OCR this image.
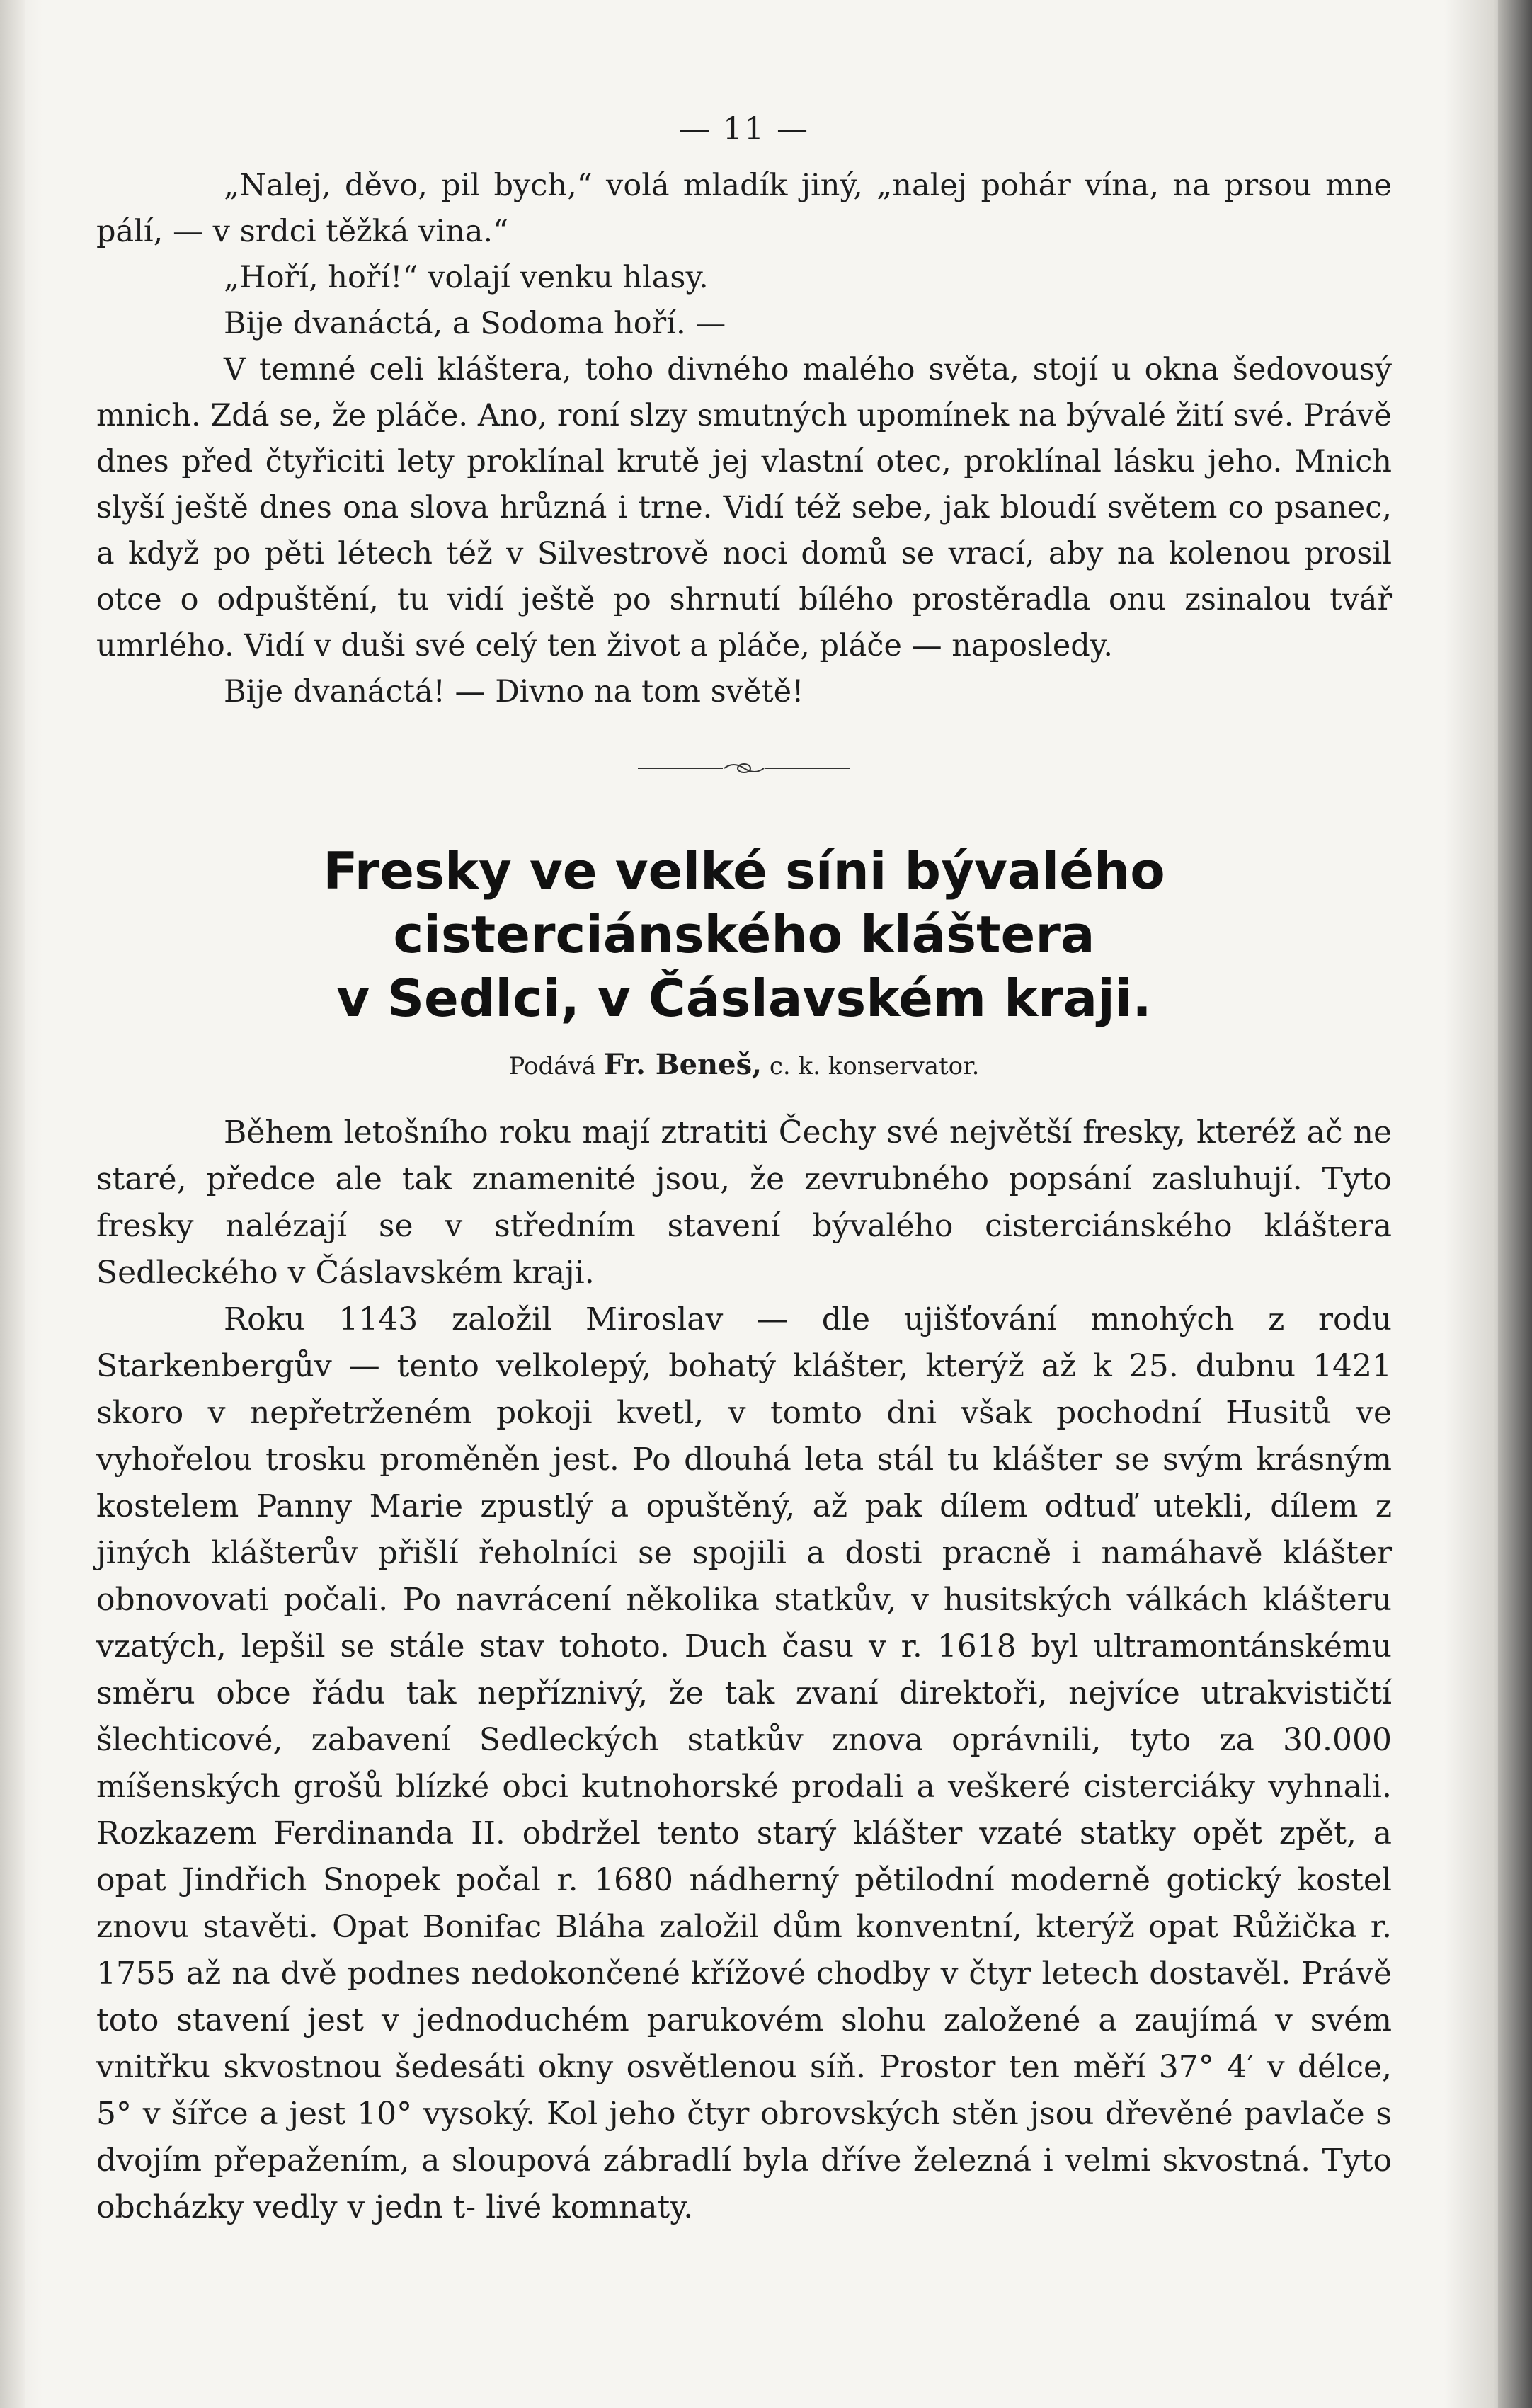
— 11 —

„Nalej, děvo, pil bych,“ volá mladík jiný, „nalej pohár vína, na prsou mne pálí, — v srdci těžká vina.“

„Hoří, hoří!“ volají venku hlasy.

Bije dvanáctá, a Sodoma hoří. —

V temné celi kláštera, toho divného malého světa, stojí u okna šedovousý mnich. Zdá se, že pláče. Ano, roní slzy smutných upomínek na bývalé žití své. Právě dnes před čtyřiciti lety proklínal krutě jej vlastní otec, proklínal lásku jeho. Mnich slyší ještě dnes ona slova hrůzná i trne. Vidí též sebe, jak bloudí světem co psanec, a když po pěti létech též v Silvestrově noci domů se vrací, aby na kolenou prosil otce o odpuštění, tu vidí ještě po shrnutí bílého prostěradla onu zsinalou tvář umrlého. Vidí v duši své celý ten život a pláče, pláče — naposledy.

Bije dvanáctá! — Divno na tom světě!

Fresky ve velké síni bývalého cisterciánského kláštera
v Sedlci, v Čáslavském kraji.
Podává Fr. Beneš, c. k. konservator.

Během letošního roku mají ztratiti Čechy své největší fresky, kteréž ač ne staré, předce ale tak znamenité jsou, že zevrubného popsání zasluhují. Tyto fresky nalézají se v středním stavení bývalého cisterciánského kláštera Sedleckého v Čáslavském kraji.

Roku 1143 založil Miroslav — dle ujišťování mnohých z rodu Starkenbergův — tento velkolepý, bohatý klášter, kterýž až k 25. dubnu 1421 skoro v nepřetrženém pokoji kvetl, v tomto dni však pochodní Husitů ve vyhořelou trosku proměněn jest. Po dlouhá leta stál tu klášter se svým krásným kostelem Panny Marie zpustlý a opuštěný, až pak dílem odtuď utekli, dílem z jiných klášterův přišlí řeholníci se spojili a dosti pracně i namáhavě klášter obnovovati počali. Po navrácení několika statkův, v husitských válkách klášteru vzatých, lepšil se stále stav tohoto. Duch času v r. 1618 byl ultramontánskému směru obce řádu tak nepříznivý, že tak zvaní direktoři, nejvíce utrakvističtí šlechticové, zabavení Sedleckých statkův znova oprávnili, tyto za 30.000 míšenských grošů blízké obci kutnohorské prodali a veškeré cisterciáky vyhnali. Rozkazem Ferdinanda II. obdržel tento starý klášter vzaté statky opět zpět, a opat Jindřich Snopek počal r. 1680 nádherný pětilodní moderně gotický kostel znovu stavěti. Opat Bonifac Bláha založil dům konventní, kterýž opat Růžička r. 1755 až na dvě podnes nedokončené křížové chodby v čtyr letech dostavěl. Právě toto stavení jest v jednoduchém parukovém slohu založené a zaujímá v svém vnitřku skvostnou šedesáti okny osvětlenou síň. Prostor ten měří 37° 4′ v délce, 5° v šířce a jest 10° vysoký. Kol jeho čtyr obrovských stěn jsou dřevěné pavlače s dvojím přepažením, a sloupová zábradlí byla dříve železná i velmi skvostná. Tyto obcházky vedly v jedn t- livé komnaty.
